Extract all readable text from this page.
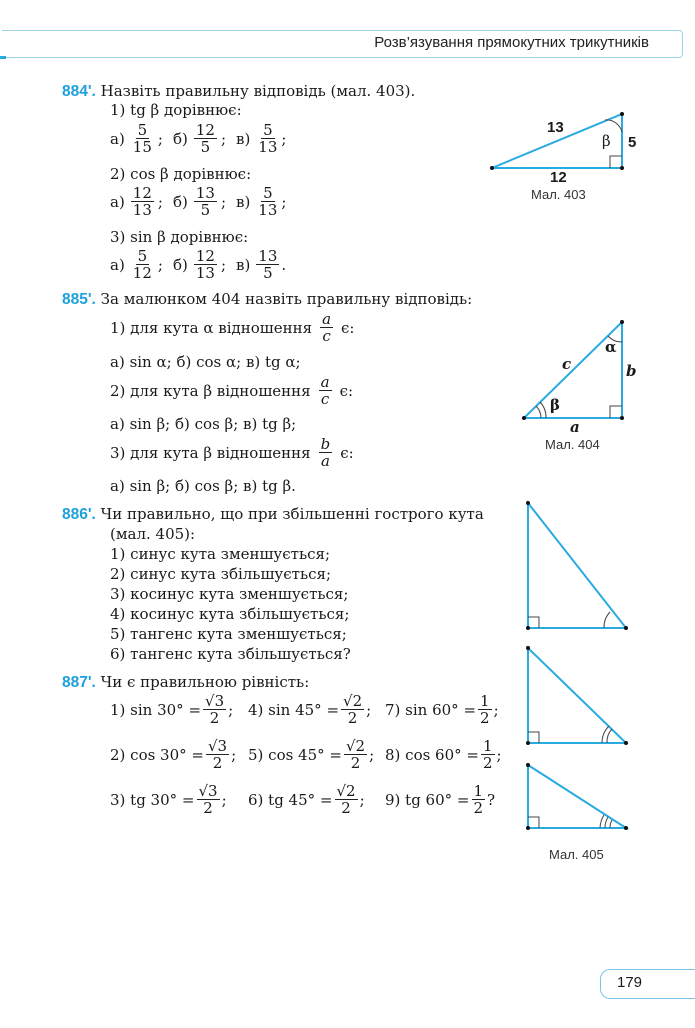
Розв’язування прямокутних трикутників
884'. Назвіть правильну відповідь (мал. 403).
1) tg β дорівнює:
$а) \frac{5}{15}$ ; $б) \frac{12}{5}$ ; $в) \frac{5}{13}$ ;
2) cos β дорівнює:
$а) \frac{12}{13}$ ; $б) \frac{13}{5}$ ; $в) \frac{5}{13}$ ;
3) sin β дорівнює:
$а) \frac{5}{12}$ ; $б) \frac{12}{13}$ ; $в) \frac{13}{5}$ .
13
5
12
β
Мал. 403
885'. За малюнком 404 назвіть правильну відповідь:
1) для кута α відношення $\frac{a}{c} є$:
а) sin α; б) cos α; в) tg α;
2) для кута β відношення $\frac{a}{c} є$:
а) sin β; б) cos β; в) tg β;
3) для кута β відношення $\frac{b}{a} є$:
а) sin β; б) cos β; в) tg β.
c	b
a
α
β
Мал. 404
886'. Чи правильно, що при збільшенні гострого кута
(мал. 405):
1) синус кута зменшується;
2) синус кута збільшується;
3) косинус кута зменшується;
4) косинус кута збільшується;
5) тангенс кута зменшується;
6) тангенс кута збільшується?
Мал. 405
887'. Чи є правильною рівність:
1) $\sin 30^\circ = \frac{√3}{2}$ ; 4) $\sin 45^\circ = \frac{√2}{2}$ ; 7) $\sin 60^\circ = \frac{1}{2}$ ;
2) $\cos 30^\circ = \frac{√3}{2}$ ; 5) $\cos 45^\circ = \frac{√2}{2}$ ; 8) $\cos 60^\circ = \frac{1}{2}$ ;
3) tg $30^\circ = \frac{√3}{2}$ ; 6) tg $45^\circ = \frac{√2}{2}$ ; 9) tg $60^\circ = \frac{1}{2}$ ?
179
